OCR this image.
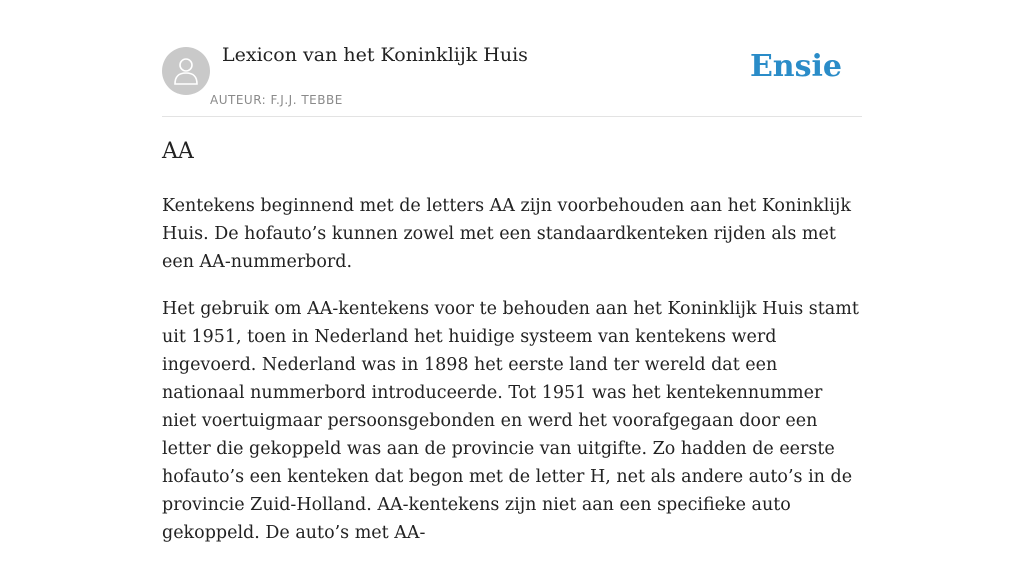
Lexicon van het Koninklijk Huis
AUTEUR: F.J.J. TEBBE
Ensie
AA

Kentekens beginnend met de letters AA zijn voorbehouden aan het Koninklijk Huis. De hofauto’s kunnen zowel met een standaardkenteken rijden als met een AA-nummerbord.

Het gebruik om AA-kentekens voor te behouden aan het Koninklijk Huis stamt uit 1951, toen in Nederland het huidige systeem van kentekens werd ingevoerd. Nederland was in 1898 het eerste land ter wereld dat een nationaal nummerbord introduceerde. Tot 1951 was het kentekennummer niet voertuigmaar persoonsgebonden en werd het voorafgegaan door een letter die gekoppeld was aan de provincie van uitgifte. Zo hadden de eerste hofauto’s een kenteken dat begon met de letter H, net als andere auto’s in de provincie Zuid-Holland. AA-kentekens zijn niet aan een specifieke auto gekoppeld. De auto’s met AA-
